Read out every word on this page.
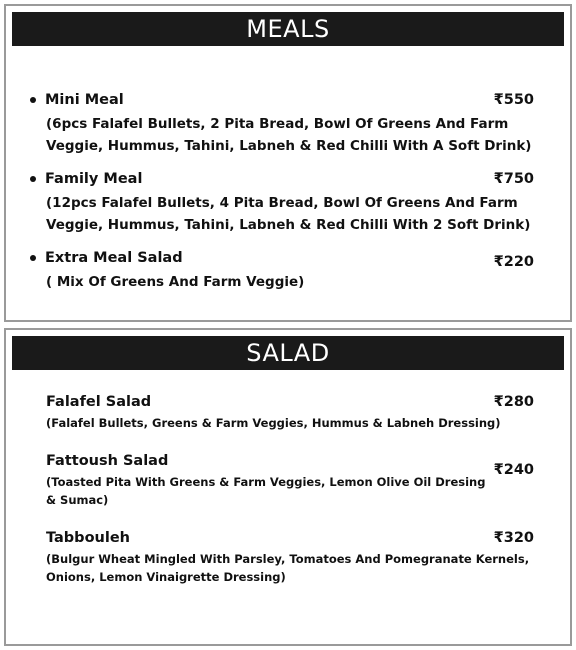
MEALS
Mini Meal	₹550
(6pcs Falafel Bullets, 2 Pita Bread, Bowl Of Greens And Farm
Veggie, Hummus, Tahini, Labneh & Red Chilli With A Soft Drink)
Family Meal	₹750
(12pcs Falafel Bullets, 4 Pita Bread, Bowl Of Greens And Farm
Veggie, Hummus, Tahini, Labneh & Red Chilli With 2 Soft Drink)
Extra Meal Salad	₹220
( Mix Of Greens And Farm Veggie)
SALAD
Falafel Salad	₹280
(Falafel Bullets, Greens & Farm Veggies, Hummus & Labneh Dressing)
Fattoush Salad
₹240
(Toasted Pita With Greens & Farm Veggies, Lemon Olive Oil Dresing
& Sumac)
Tabbouleh	₹320
(Bulgur Wheat Mingled With Parsley, Tomatoes And Pomegranate Kernels,
Onions, Lemon Vinaigrette Dressing)
